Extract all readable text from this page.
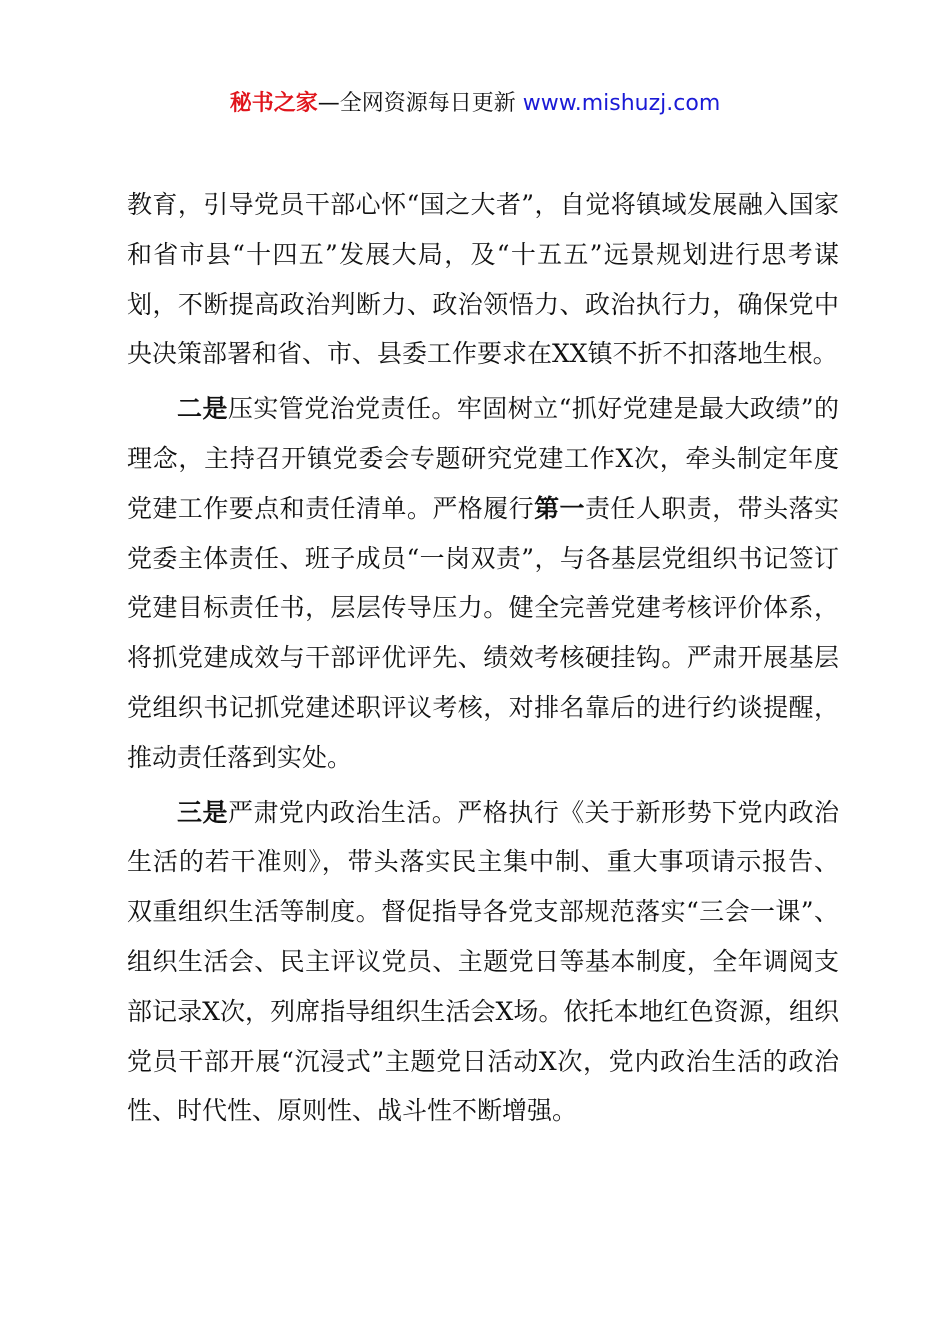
秘书之家—全网资源每日更新 www.mishuzj.com

教育，引导党员干部心怀“国之大者”，自觉将镇域发展融入国家和省市县“十四五”发展大局，及“十五五”远景规划进行思考谋划，不断提高政治判断力、政治领悟力、政治执行力，确保党中央决策部署和省、市、县委工作要求在XX镇不折不扣落地生根。

二是压实管党治党责任。牢固树立“抓好党建是最大政绩”的理念，主持召开镇党委会专题研究党建工作X次，牵头制定年度党建工作要点和责任清单。严格履行第一责任人职责，带头落实党委主体责任、班子成员“一岗双责”，与各基层党组织书记签订党建目标责任书，层层传导压力。健全完善党建考核评价体系，将抓党建成效与干部评优评先、绩效考核硬挂钩。严肃开展基层党组织书记抓党建述职评议考核，对排名靠后的进行约谈提醒，推动责任落到实处。

三是严肃党内政治生活。严格执行《关于新形势下党内政治生活的若干准则》，带头落实民主集中制、重大事项请示报告、双重组织生活等制度。督促指导各党支部规范落实“三会一课”、组织生活会、民主评议党员、主题党日等基本制度，全年调阅支部记录X次，列席指导组织生活会X场。依托本地红色资源，组织党员干部开展“沉浸式”主题党日活动X次，党内政治生活的政治性、时代性、原则性、战斗性不断增强。
